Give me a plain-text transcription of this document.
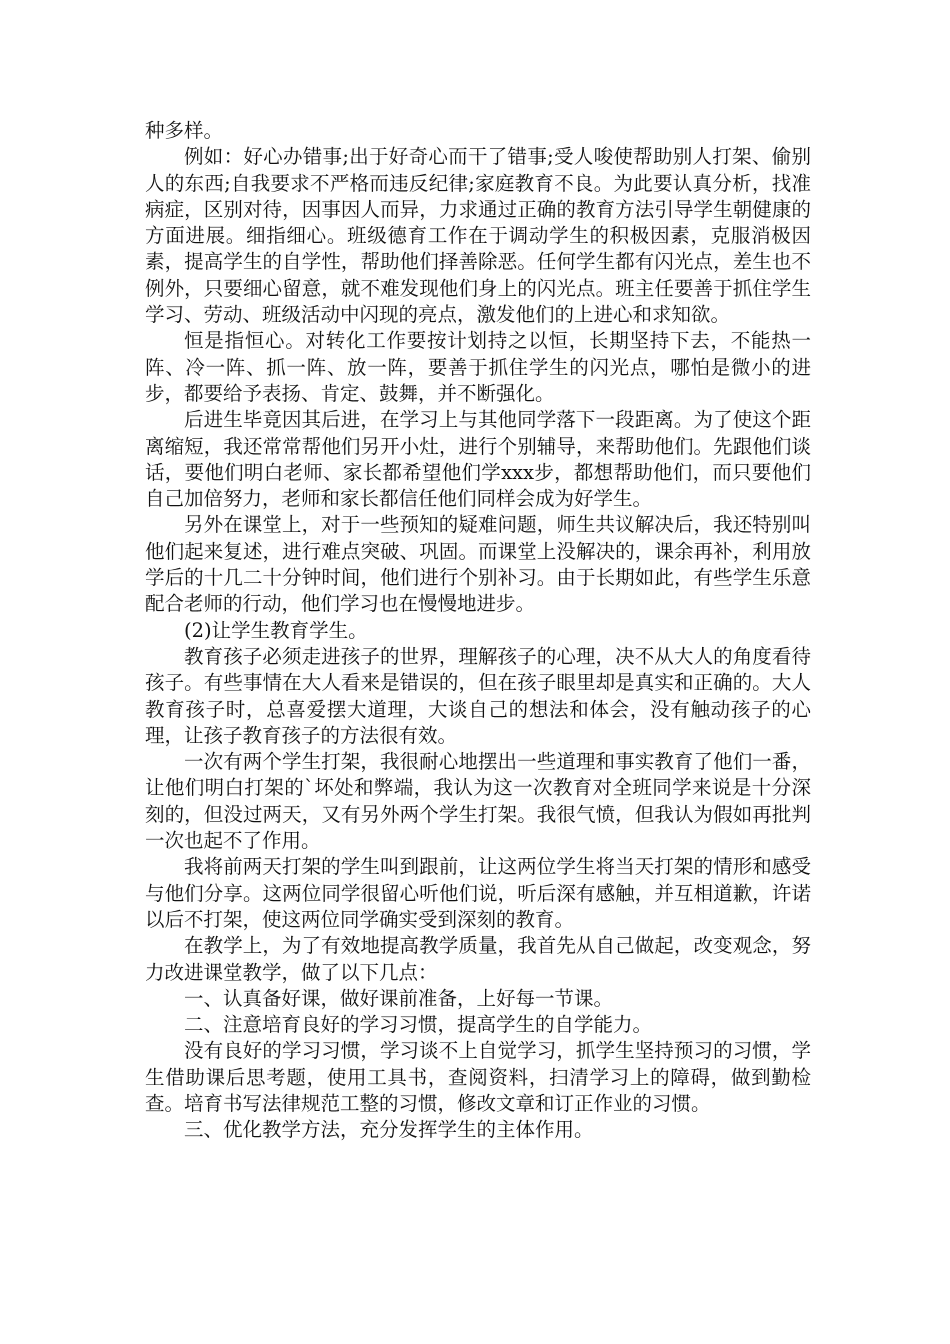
种多样。

例如：好心办错事;出于好奇心而干了错事;受人唆使帮助别人打架、偷别人的东西;自我要求不严格而违反纪律;家庭教育不良。为此要认真分析，找准病症，区别对待，因事因人而异，力求通过正确的教育方法引导学生朝健康的方面进展。细指细心。班级德育工作在于调动学生的积极因素，克服消极因素，提高学生的自学性，帮助他们择善除恶。任何学生都有闪光点，差生也不例外，只要细心留意，就不难发现他们身上的闪光点。班主任要善于抓住学生学习、劳动、班级活动中闪现的亮点，激发他们的上进心和求知欲。

恒是指恒心。对转化工作要按计划持之以恒，长期坚持下去，不能热一阵、冷一阵、抓一阵、放一阵，要善于抓住学生的闪光点，哪怕是微小的进步，都要给予表扬、肯定、鼓舞，并不断强化。

后进生毕竟因其后进，在学习上与其他同学落下一段距离。为了使这个距离缩短，我还常常帮他们另开小灶，进行个别辅导，来帮助他们。先跟他们谈话，要他们明白老师、家长都希望他们学xxx步，都想帮助他们，而只要他们自己加倍努力，老师和家长都信任他们同样会成为好学生。

另外在课堂上，对于一些预知的疑难问题，师生共议解决后，我还特别叫他们起来复述，进行难点突破、巩固。而课堂上没解决的，课余再补，利用放学后的十几二十分钟时间，他们进行个别补习。由于长期如此，有些学生乐意配合老师的行动，他们学习也在慢慢地进步。

(2)让学生教育学生。

教育孩子必须走进孩子的世界，理解孩子的心理，决不从大人的角度看待孩子。有些事情在大人看来是错误的，但在孩子眼里却是真实和正确的。大人教育孩子时，总喜爱摆大道理，大谈自己的想法和体会，没有触动孩子的心理，让孩子教育孩子的方法很有效。

一次有两个学生打架，我很耐心地摆出一些道理和事实教育了他们一番，让他们明白打架的`坏处和弊端，我认为这一次教育对全班同学来说是十分深刻的，但没过两天，又有另外两个学生打架。我很气愤，但我认为假如再批判一次也起不了作用。

我将前两天打架的学生叫到跟前，让这两位学生将当天打架的情形和感受与他们分享。这两位同学很留心听他们说，听后深有感触，并互相道歉，许诺以后不打架，使这两位同学确实受到深刻的教育。

在教学上，为了有效地提高教学质量，我首先从自己做起，改变观念，努力改进课堂教学，做了以下几点：

一、认真备好课，做好课前准备，上好每一节课。

二、注意培育良好的学习习惯，提高学生的自学能力。

没有良好的学习习惯，学习谈不上自觉学习，抓学生坚持预习的习惯，学生借助课后思考题，使用工具书，查阅资料，扫清学习上的障碍，做到勤检查。培育书写法律规范工整的习惯，修改文章和订正作业的习惯。

三、优化教学方法，充分发挥学生的主体作用。
